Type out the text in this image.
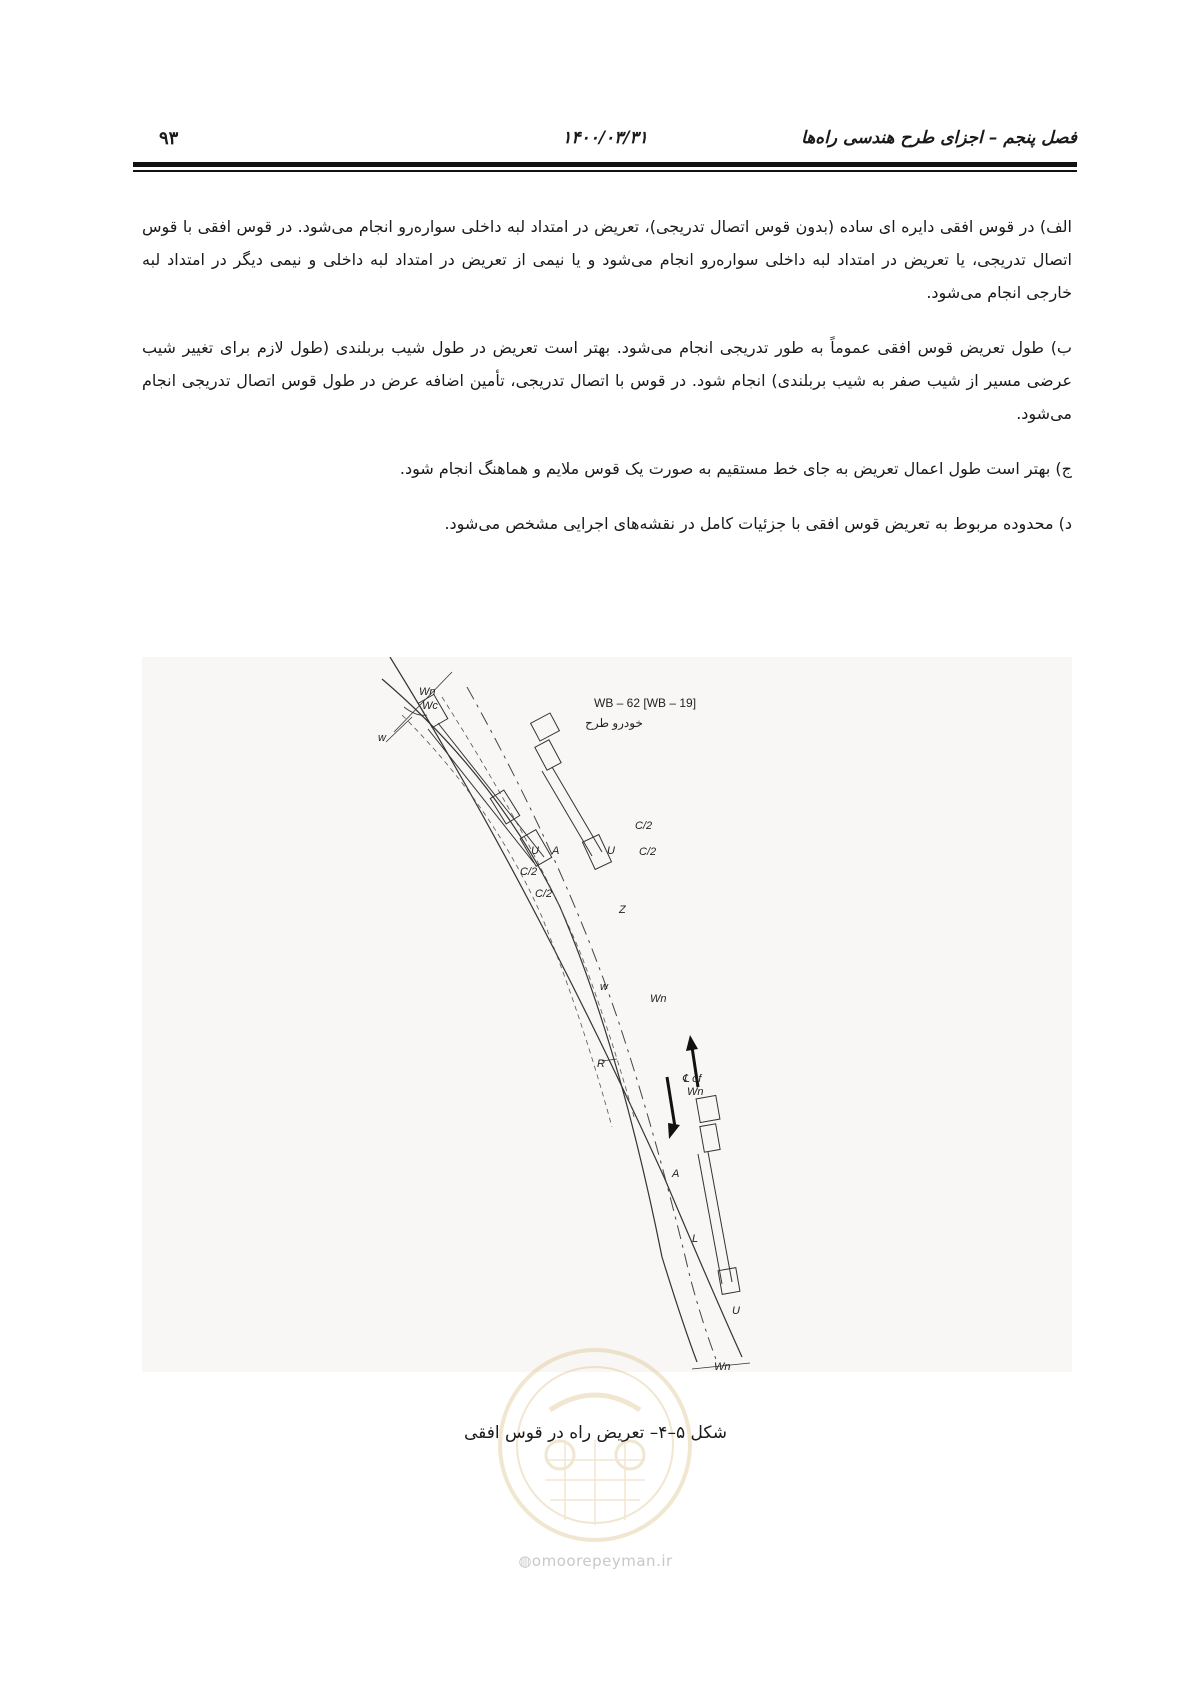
فصل پنجم – اجزای طرح هندسی راه‌ها
۱۴۰۰/۰۳/۳۱
۹۳

الف) در قوس افقی دایره ای ساده (بدون قوس اتصال تدریجی)، تعریض در امتداد لبه داخلی سواره‌رو انجام می‌شود. در قوس افقی با قوس اتصال تدریجی، یا تعریض در امتداد لبه داخلی سواره‌رو انجام می‌شود و یا نیمی از تعریض در امتداد لبه داخلی و نیمی دیگر در امتداد لبه خارجی انجام می‌شود.

ب) طول تعریض قوس افقی عموماً به طور تدریجی انجام می‌شود. بهتر است تعریض در طول شیب بربلندی (طول لازم برای تغییر شیب عرضی مسیر از شیب صفر به شیب بربلندی) انجام شود. در قوس با اتصال تدریجی، تأمین اضافه عرض در طول قوس اتصال تدریجی انجام می‌شود.

ج) بهتر است طول اعمال تعریض به جای خط مستقیم به صورت یک قوس ملایم و هماهنگ انجام شود.

د) محدوده مربوط به تعریض قوس افقی با جزئیات کامل در نقشه‌های اجرایی مشخص می‌شود.

WB – 62 [WB – 19]
خودرو طرح
Wn
Wc
w
U A
C/2
C/2
C/2
C/2
U
Z
w
Wn
R
℄ of
Wn
A
L
U
Wn
شکل ۵–۴– تعریض راه در قوس افقی
◍omoorepeyman.ir
